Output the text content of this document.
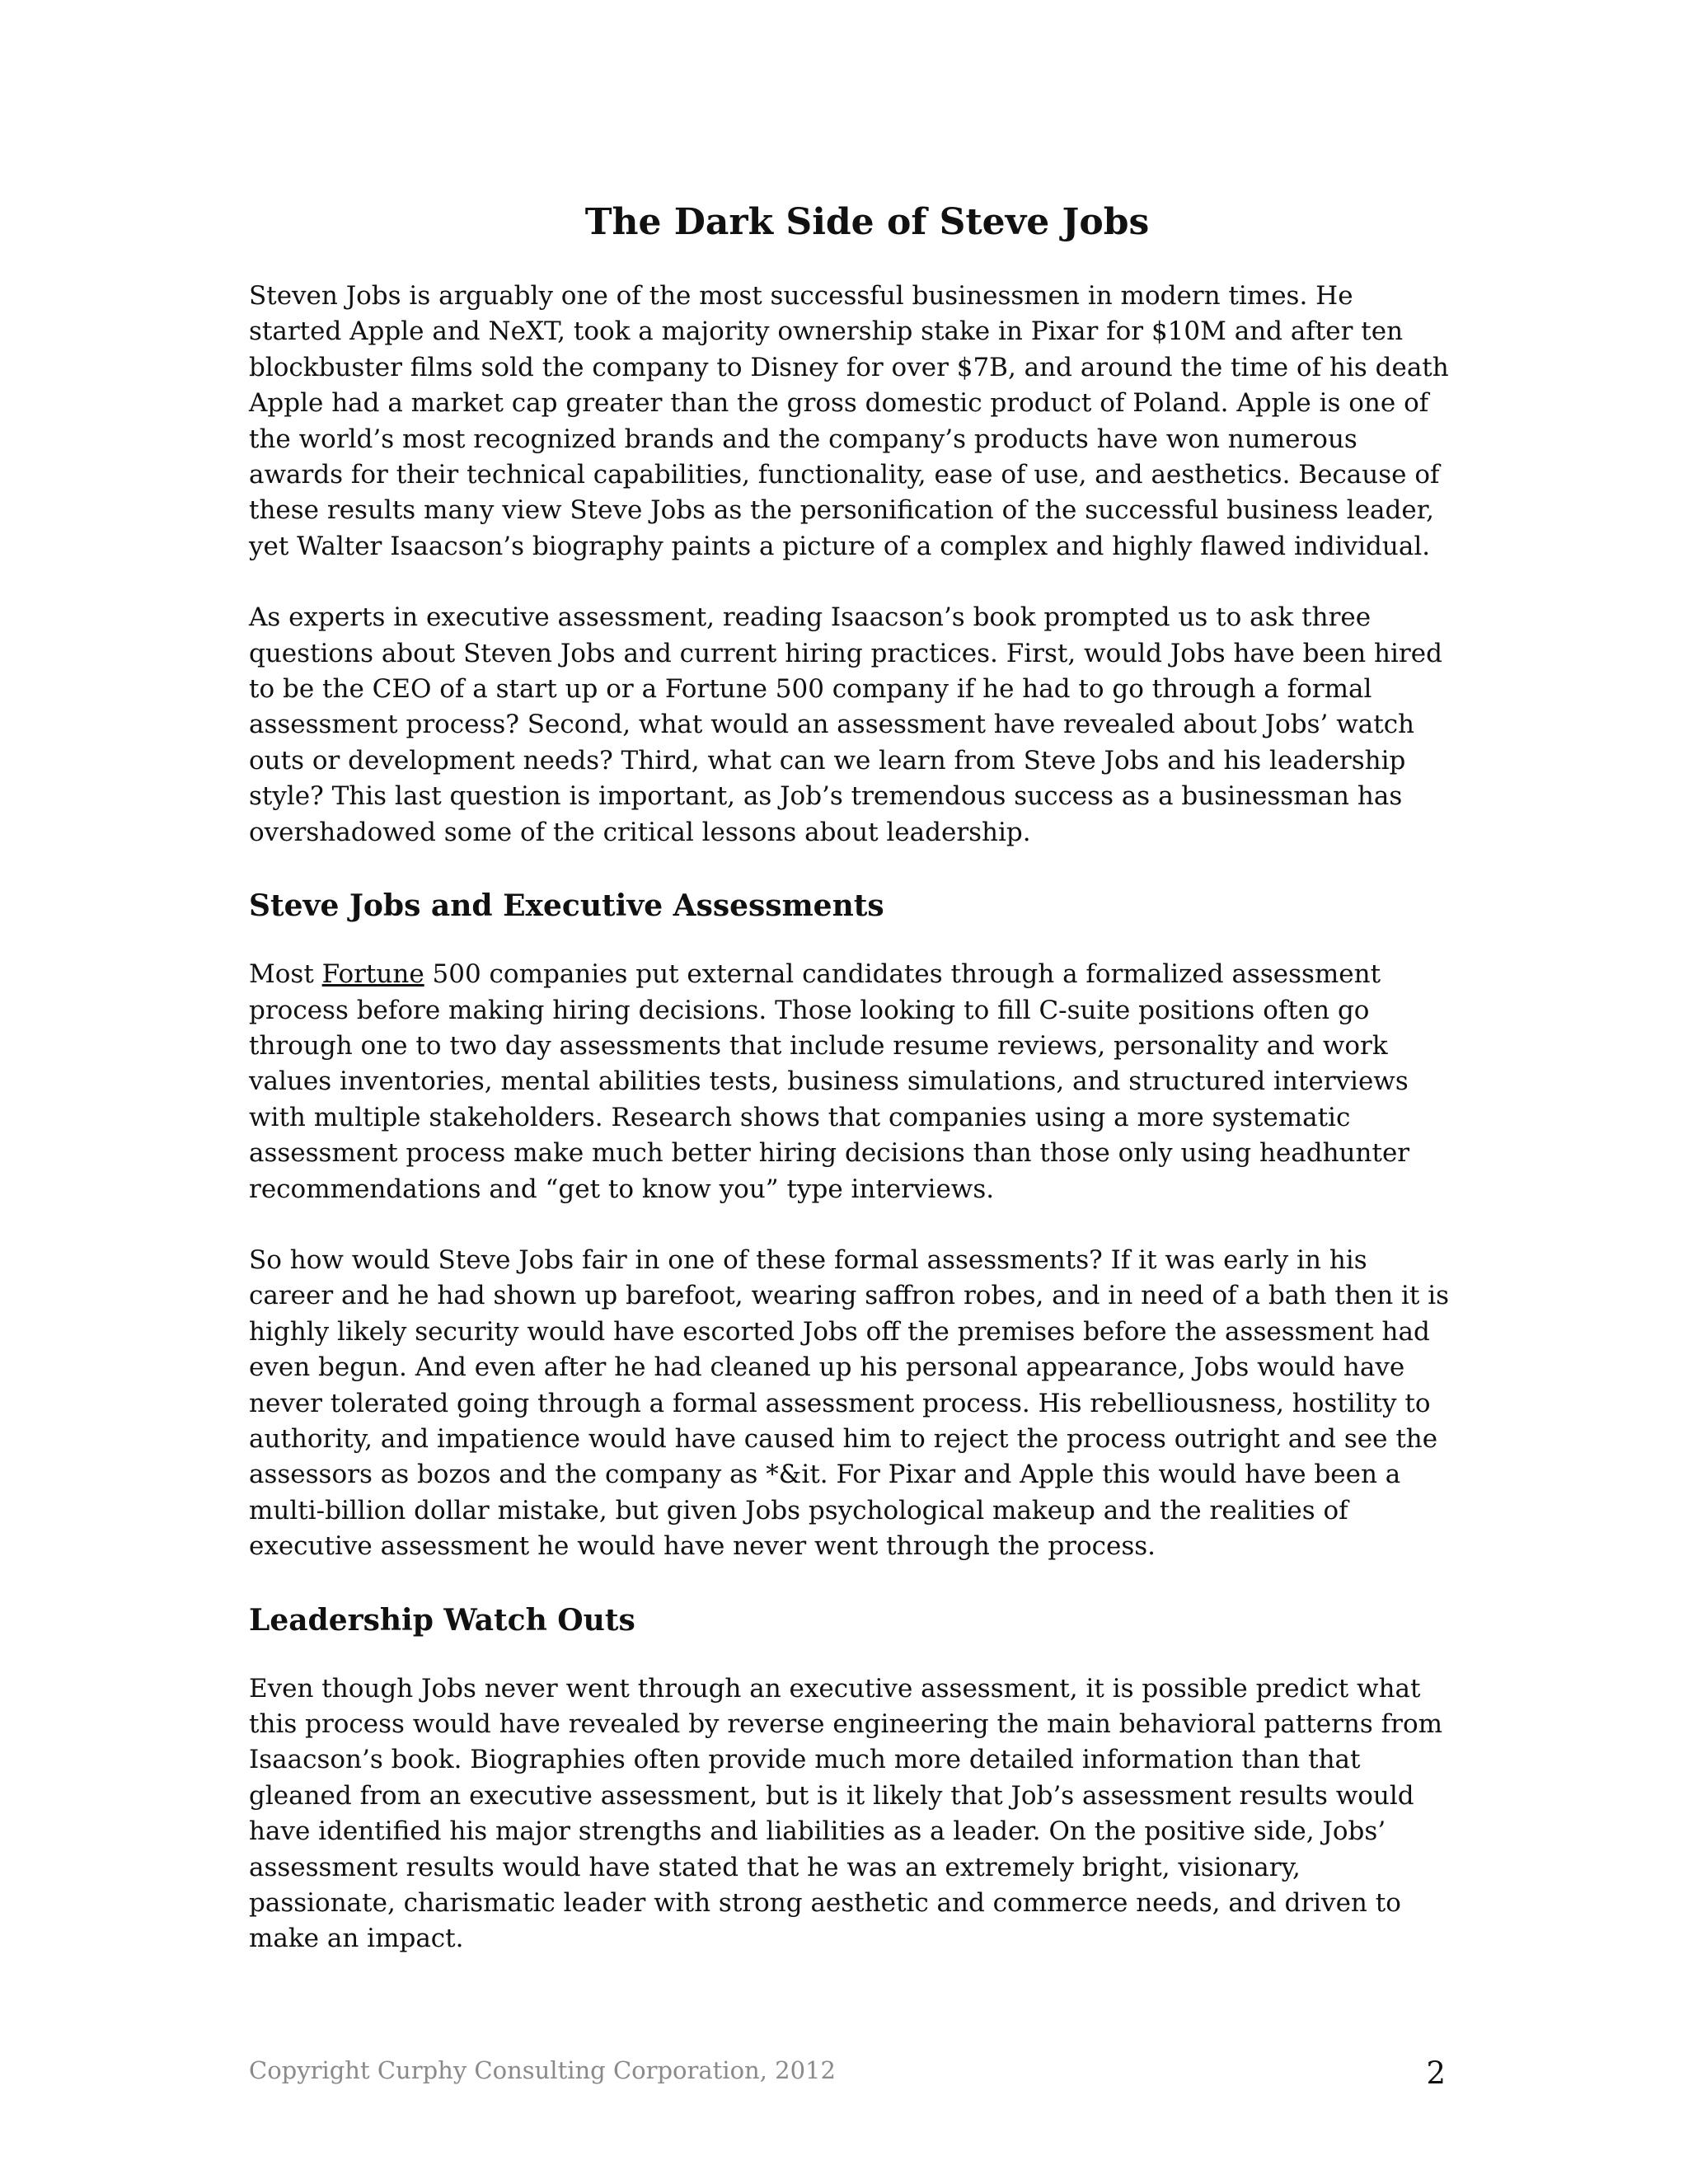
The Dark Side of Steve Jobs

Steven Jobs is arguably one of the most successful businessmen in modern times. He started Apple and NeXT, took a majority ownership stake in Pixar for $10M and after ten blockbuster films sold the company to Disney for over $7B, and around the time of his death Apple had a market cap greater than the gross domestic product of Poland. Apple is one of the world’s most recognized brands and the company’s products have won numerous awards for their technical capabilities, functionality, ease of use, and aesthetics. Because of these results many view Steve Jobs as the personification of the successful business leader, yet Walter Isaacson’s biography paints a picture of a complex and highly flawed individual.

As experts in executive assessment, reading Isaacson’s book prompted us to ask three questions about Steven Jobs and current hiring practices. First, would Jobs have been hired to be the CEO of a start up or a Fortune 500 company if he had to go through a formal assessment process? Second, what would an assessment have revealed about Jobs’ watch outs or development needs? Third, what can we learn from Steve Jobs and his leadership style? This last question is important, as Job’s tremendous success as a businessman has overshadowed some of the critical lessons about leadership.

Steve Jobs and Executive Assessments

Most Fortune 500 companies put external candidates through a formalized assessment process before making hiring decisions. Those looking to fill C-suite positions often go through one to two day assessments that include resume reviews, personality and work values inventories, mental abilities tests, business simulations, and structured interviews with multiple stakeholders. Research shows that companies using a more systematic assessment process make much better hiring decisions than those only using headhunter recommendations and “get to know you” type interviews.

So how would Steve Jobs fair in one of these formal assessments? If it was early in his career and he had shown up barefoot, wearing saffron robes, and in need of a bath then it is highly likely security would have escorted Jobs off the premises before the assessment had even begun. And even after he had cleaned up his personal appearance, Jobs would have never tolerated going through a formal assessment process. His rebelliousness, hostility to authority, and impatience would have caused him to reject the process outright and see the assessors as bozos and the company as *&it. For Pixar and Apple this would have been a multi-billion dollar mistake, but given Jobs psychological makeup and the realities of executive assessment he would have never went through the process.

Leadership Watch Outs

Even though Jobs never went through an executive assessment, it is possible predict what this process would have revealed by reverse engineering the main behavioral patterns from Isaacson’s book. Biographies often provide much more detailed information than that gleaned from an executive assessment, but is it likely that Job’s assessment results would have identified his major strengths and liabilities as a leader. On the positive side, Jobs’ assessment results would have stated that he was an extremely bright, visionary, passionate, charismatic leader with strong aesthetic and commerce needs, and driven to make an impact.

Copyright Curphy Consulting Corporation, 2012	2
